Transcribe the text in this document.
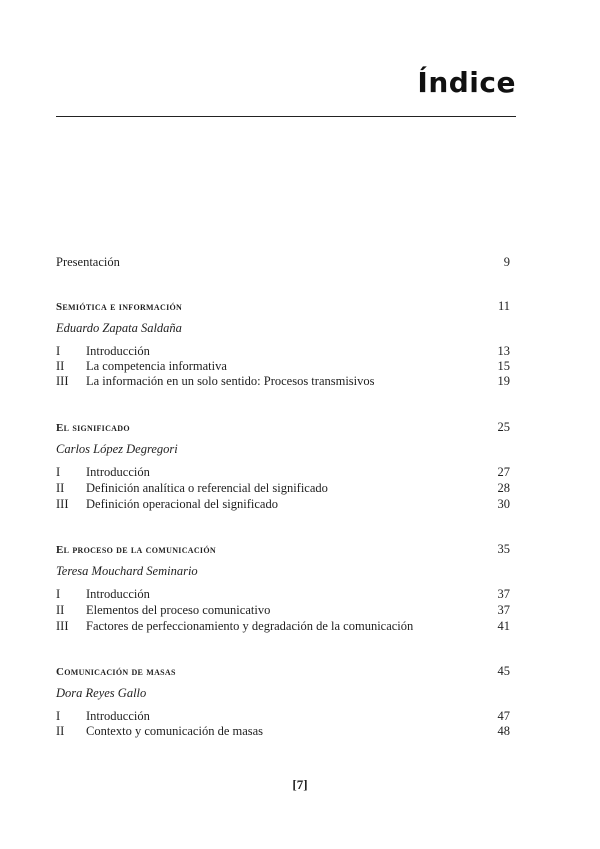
Índice
Presentación	9
Semiótica e información	11
Eduardo Zapata Saldaña
I	Introducción	13
II	La competencia informativa	15
III	La información en un solo sentido: Procesos transmisivos	19
El significado	25
Carlos López Degregori
I	Introducción	27
II	Definición analítica o referencial del significado	28
III	Definición operacional del significado	30
El proceso de la comunicación	35
Teresa Mouchard Seminario
I	Introducción	37
II	Elementos del proceso comunicativo	37
III	Factores de perfeccionamiento y degradación de la comunicación	41
Comunicación de masas	45
Dora Reyes Gallo
I	Introducción	47
II	Contexto y comunicación de masas	48
[7]
